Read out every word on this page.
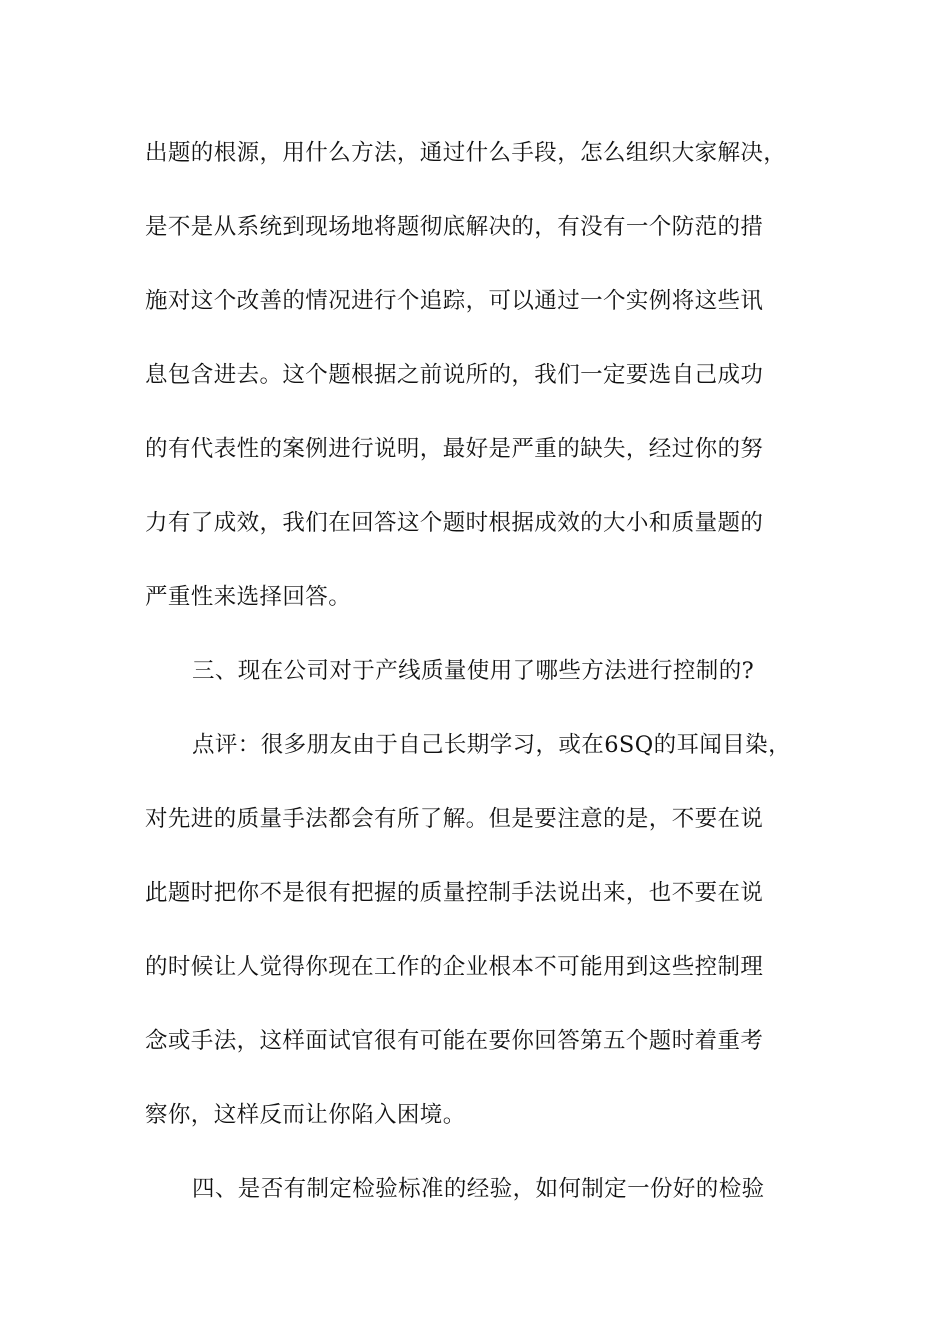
出题的根源，用什么方法，通过什么手段，怎么组织大家解决，
是不是从系统到现场地将题彻底解决的，有没有一个防范的措
施对这个改善的情况进行个追踪，可以通过一个实例将这些讯
息包含进去。这个题根据之前说所的，我们一定要选自己成功
的有代表性的案例进行说明，最好是严重的缺失，经过你的努
力有了成效，我们在回答这个题时根据成效的大小和质量题的
严重性来选择回答。
三、现在公司对于产线质量使用了哪些方法进行控制的?
点评：很多朋友由于自己长期学习，或在6SQ的耳闻目染，
对先进的质量手法都会有所了解。但是要注意的是，不要在说
此题时把你不是很有把握的质量控制手法说出来，也不要在说
的时候让人觉得你现在工作的企业根本不可能用到这些控制理
念或手法，这样面试官很有可能在要你回答第五个题时着重考
察你，这样反而让你陷入困境。
四、是否有制定检验标准的经验，如何制定一份好的检验
